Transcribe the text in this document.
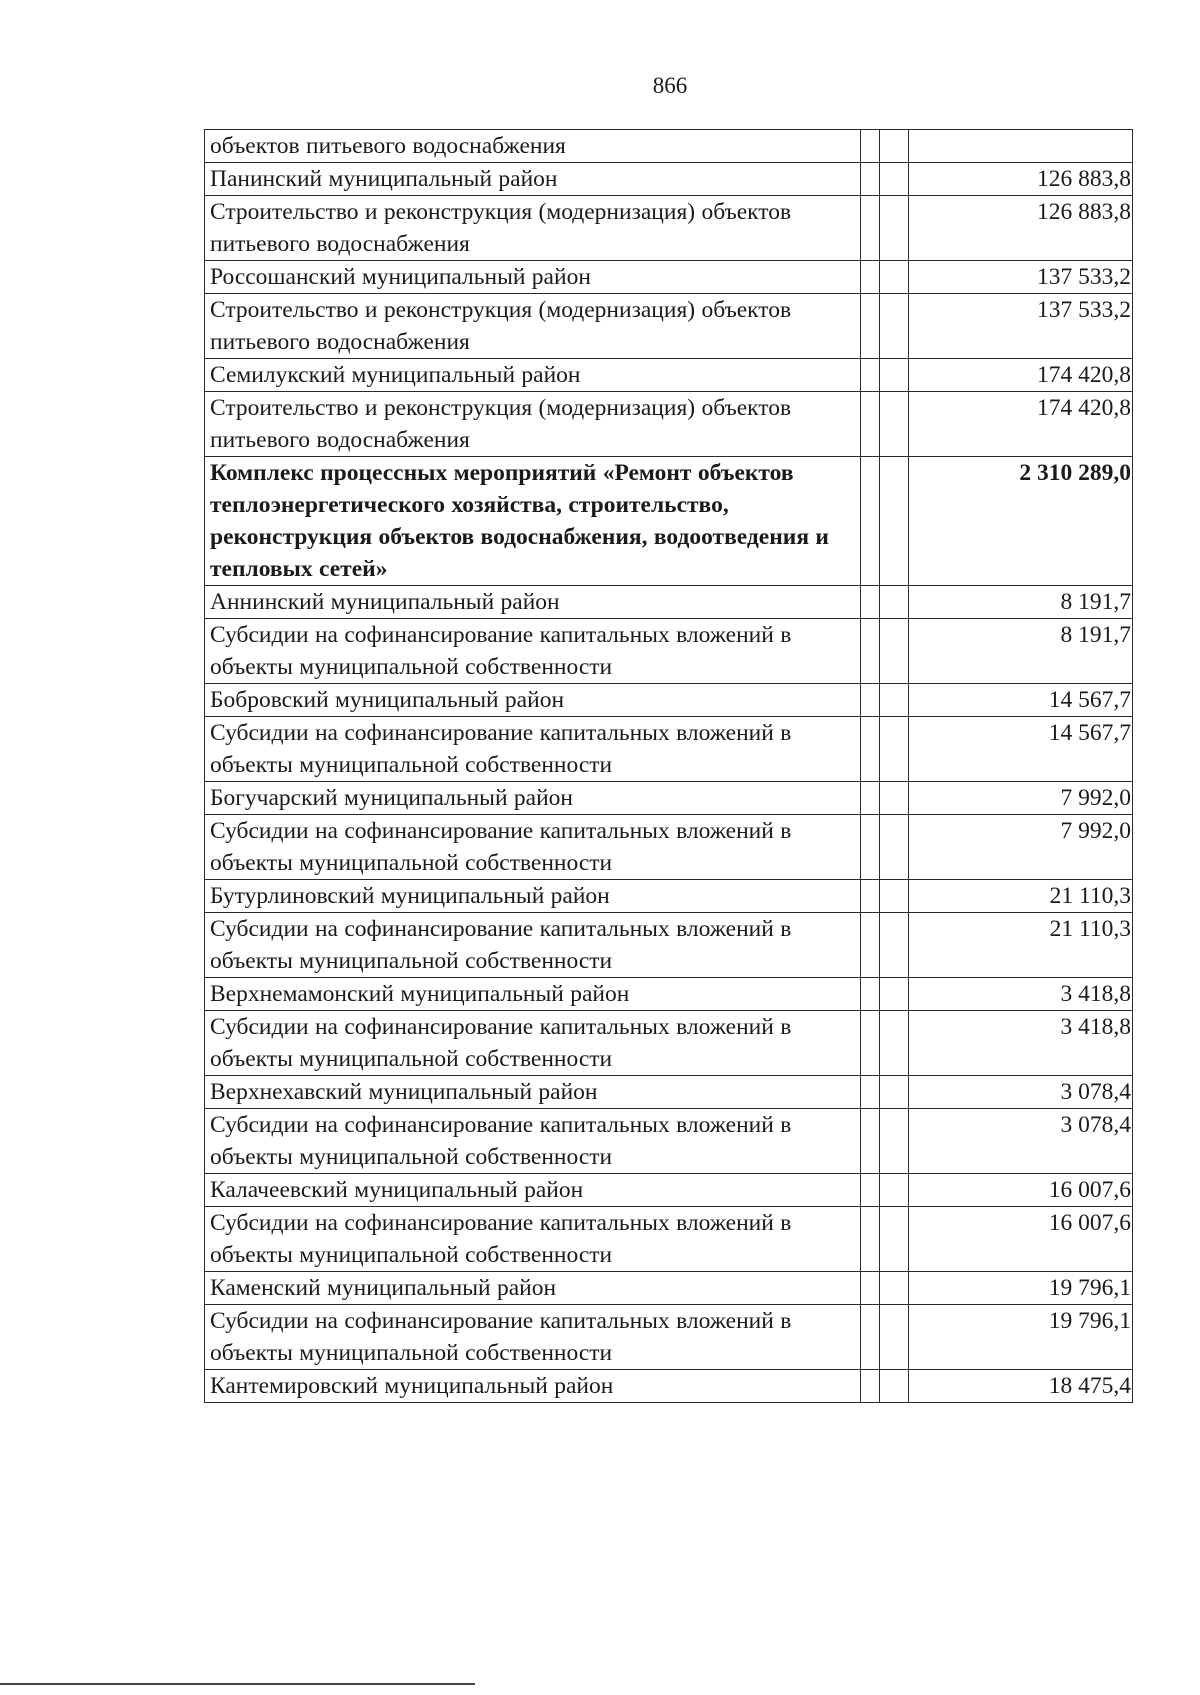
866
объектов питьевого водоснабжения			
Панинский муниципальный район			126 883,8
Строительство и реконструкция (модернизация) объектов питьевого водоснабжения			126 883,8
Россошанский муниципальный район			137 533,2
Строительство и реконструкция (модернизация) объектов питьевого водоснабжения			137 533,2
Семилукский муниципальный район			174 420,8
Строительство и реконструкция (модернизация) объектов питьевого водоснабжения			174 420,8
Комплекс процессных мероприятий «Ремонт объектов теплоэнергетического хозяйства, строительство, реконструкция объектов водоснабжения, водоотведения и тепловых сетей»			2 310 289,0
Аннинский муниципальный район			8 191,7
Субсидии на софинансирование капитальных вложений в объекты муниципальной собственности			8 191,7
Бобровский муниципальный район			14 567,7
Субсидии на софинансирование капитальных вложений в объекты муниципальной собственности			14 567,7
Богучарский муниципальный район			7 992,0
Субсидии на софинансирование капитальных вложений в объекты муниципальной собственности			7 992,0
Бутурлиновский муниципальный район			21 110,3
Субсидии на софинансирование капитальных вложений в объекты муниципальной собственности			21 110,3
Верхнемамонский муниципальный район			3 418,8
Субсидии на софинансирование капитальных вложений в объекты муниципальной собственности			3 418,8
Верхнехавский муниципальный район			3 078,4
Субсидии на софинансирование капитальных вложений в объекты муниципальной собственности			3 078,4
Калачеевский муниципальный район			16 007,6
Субсидии на софинансирование капитальных вложений в объекты муниципальной собственности			16 007,6
Каменский муниципальный район			19 796,1
Субсидии на софинансирование капитальных вложений в объекты муниципальной собственности			19 796,1
Кантемировский муниципальный район			18 475,4
